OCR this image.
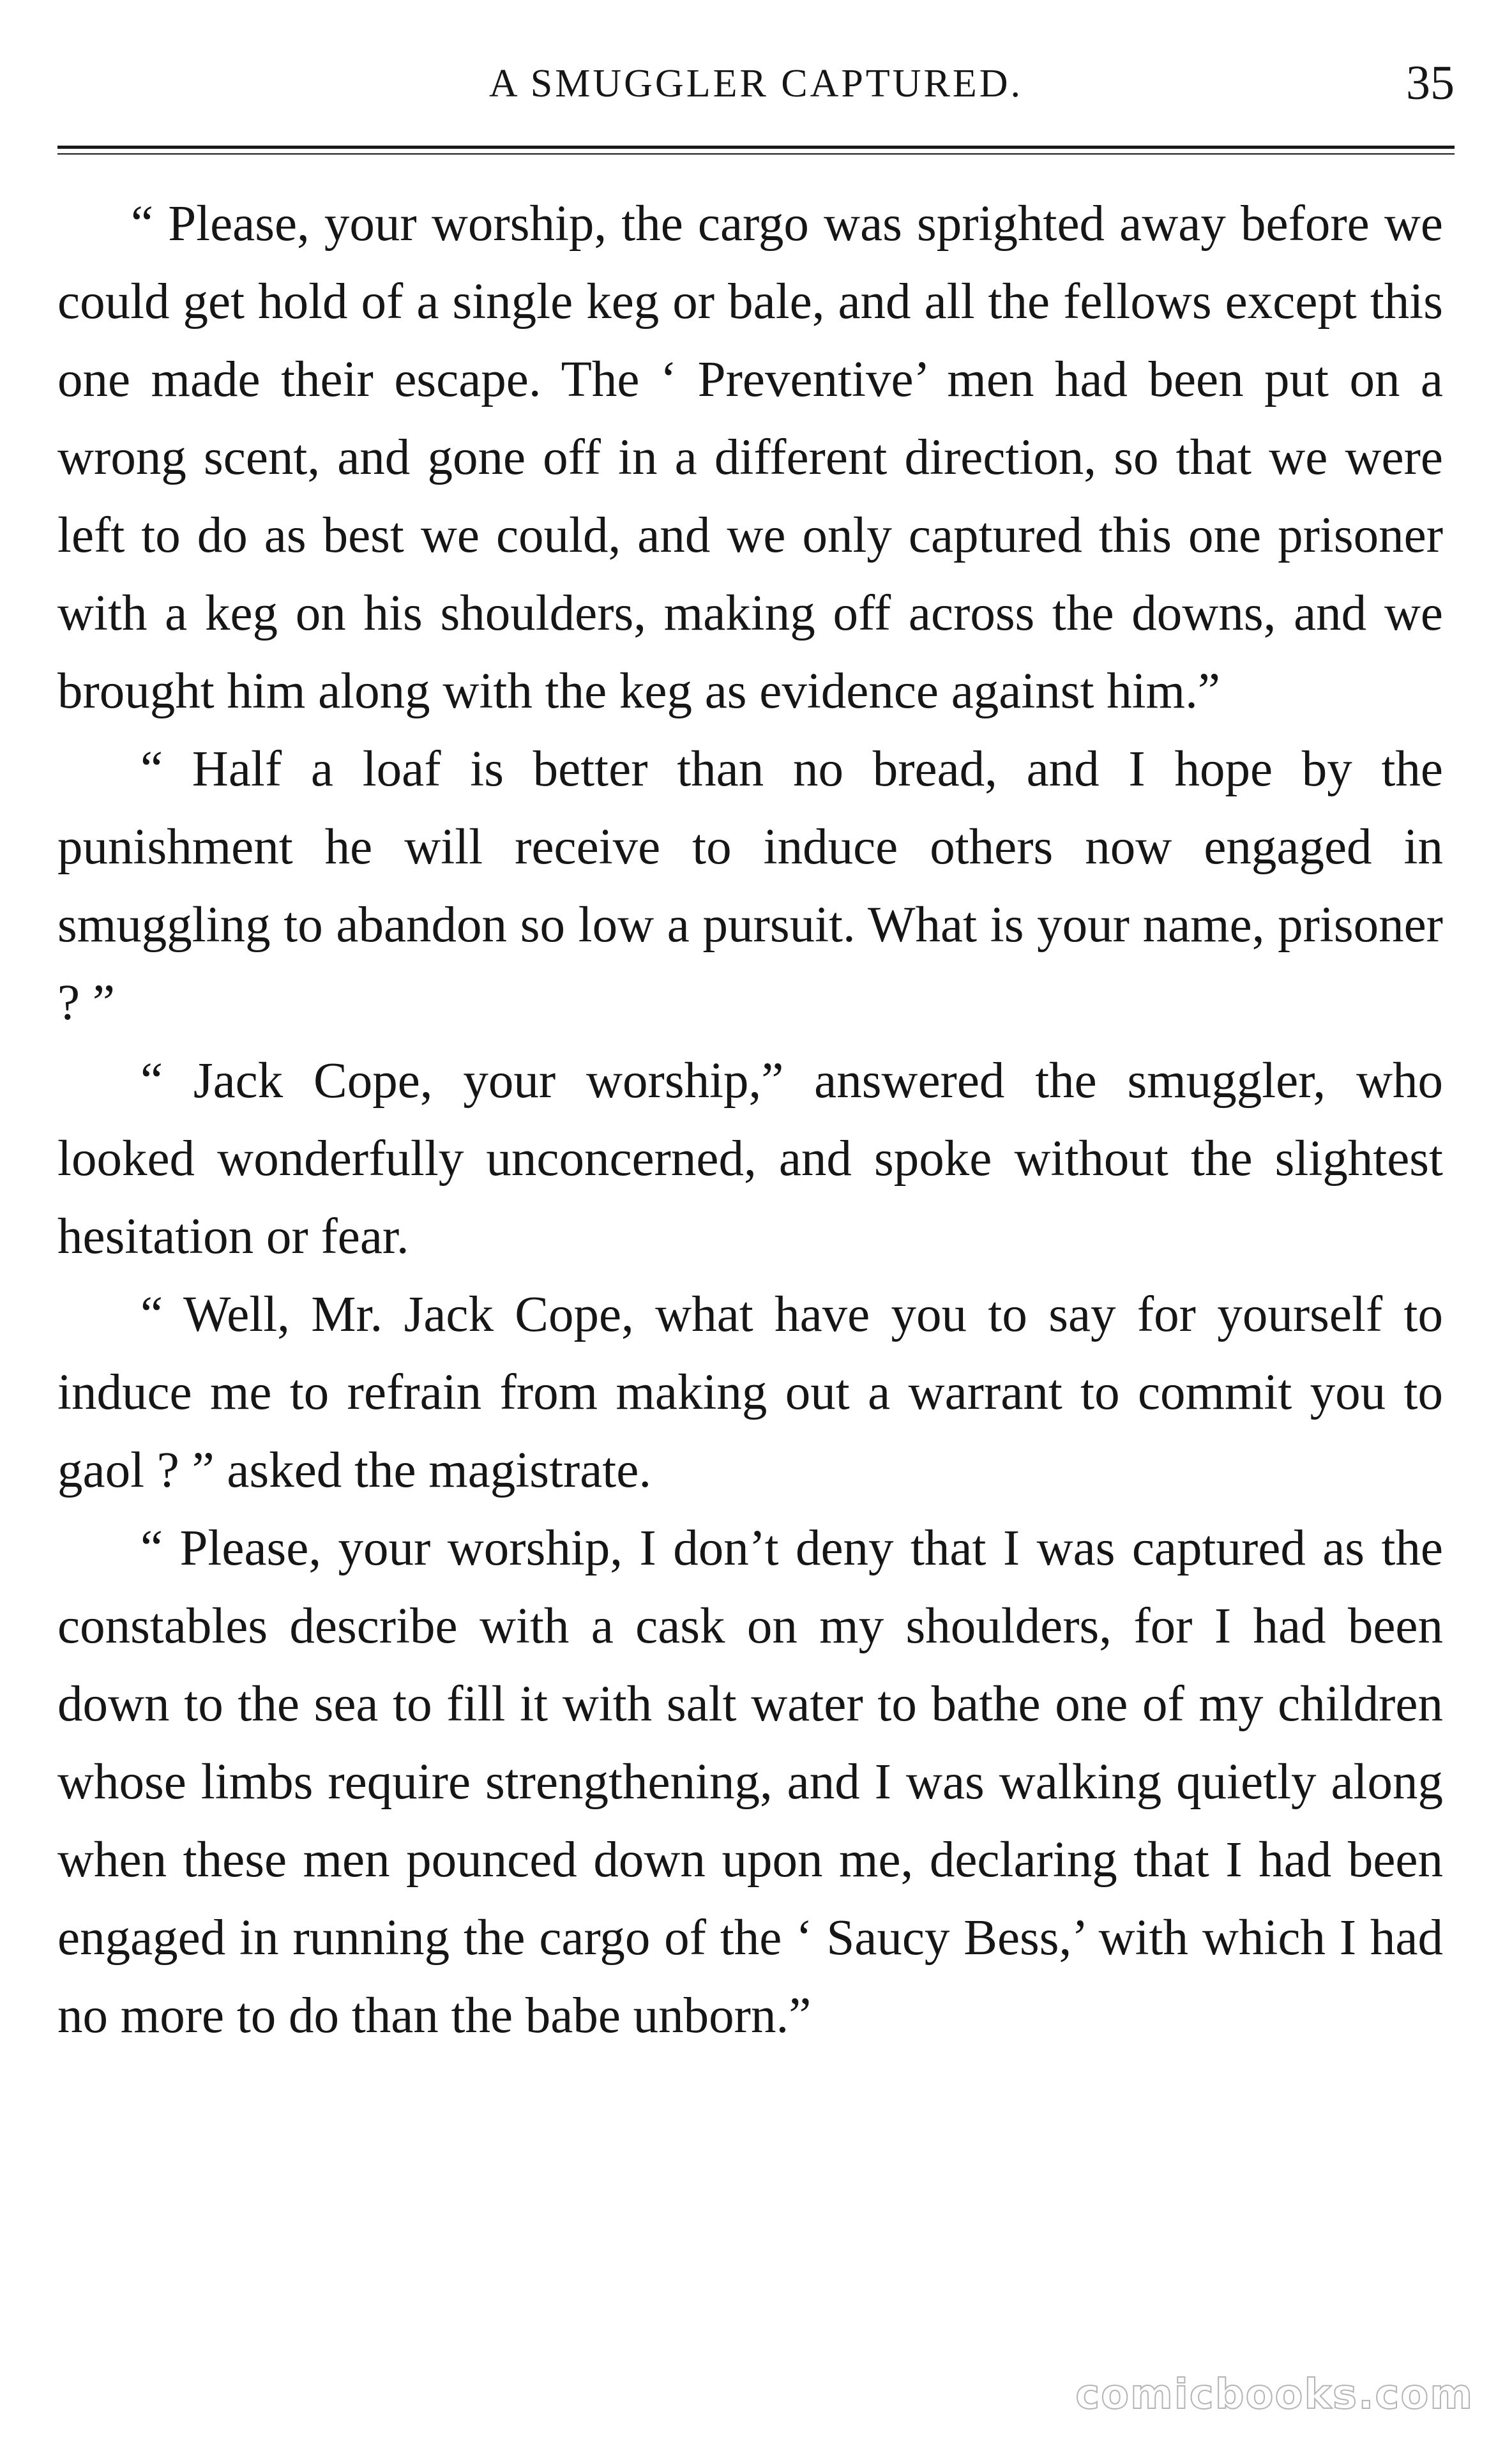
A SMUGGLER CAPTURED.	35

“ Please, your worship, the cargo was sprighted away before we could get hold of a single keg or bale, and all the fellows except this one made their escape. The ‘ Preventive’ men had been put on a wrong scent, and gone off in a different direction, so that we were left to do as best we could, and we only captured this one prisoner with a keg on his shoulders, making off across the downs, and we brought him along with the keg as evidence against him.”

“ Half a loaf is better than no bread, and I hope by the punishment he will receive to induce others now engaged in smuggling to abandon so low a pursuit. What is your name, prisoner ? ”

“ Jack Cope, your worship,” answered the smuggler, who looked wonderfully unconcerned, and spoke without the slightest hesitation or fear.

“ Well, Mr. Jack Cope, what have you to say for yourself to induce me to refrain from making out a warrant to commit you to gaol ? ” asked the magistrate.

“ Please, your worship, I don’t deny that I was captured as the constables describe with a cask on my shoulders, for I had been down to the sea to fill it with salt water to bathe one of my children whose limbs require strengthening, and I was walking quietly along when these men pounced down upon me, declaring that I had been engaged in running the cargo of the ‘ Saucy Bess,’ with which I had no more to do than the babe unborn.”

comicbooks.com
